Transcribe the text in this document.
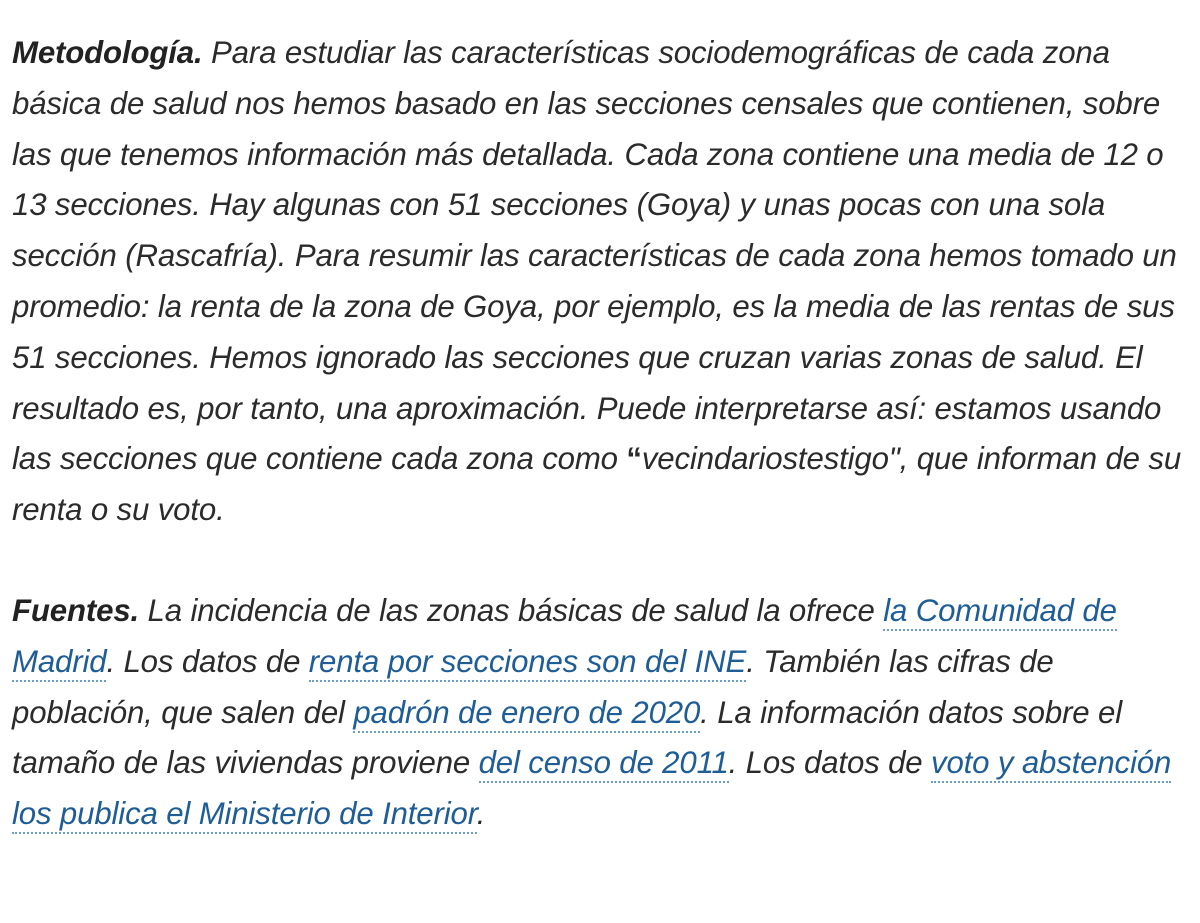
Metodología. Para estudiar las características sociodemográficas de cada zona básica de salud nos hemos basado en las secciones censales que contienen, sobre las que tenemos información más detallada. Cada zona contiene una media de 12 o 13 secciones. Hay algunas con 51 secciones (Goya) y unas pocas con una sola sección (Rascafría). Para resumir las características de cada zona hemos tomado un promedio: la renta de la zona de Goya, por ejemplo, es la media de las rentas de sus 51 secciones. Hemos ignorado las secciones que cruzan varias zonas de salud. El resultado es, por tanto, una aproximación. Puede interpretarse así: estamos usando las secciones que contiene cada zona como “vecindariostestigo", que informan de su renta o su voto.

Fuentes. La incidencia de las zonas básicas de salud la ofrece la Comunidad de Madrid. Los datos de renta por secciones son del INE. También las cifras de población, que salen del padrón de enero de 2020. La información datos sobre el tamaño de las viviendas proviene del censo de 2011. Los datos de voto y abstención los publica el Ministerio de Interior.
